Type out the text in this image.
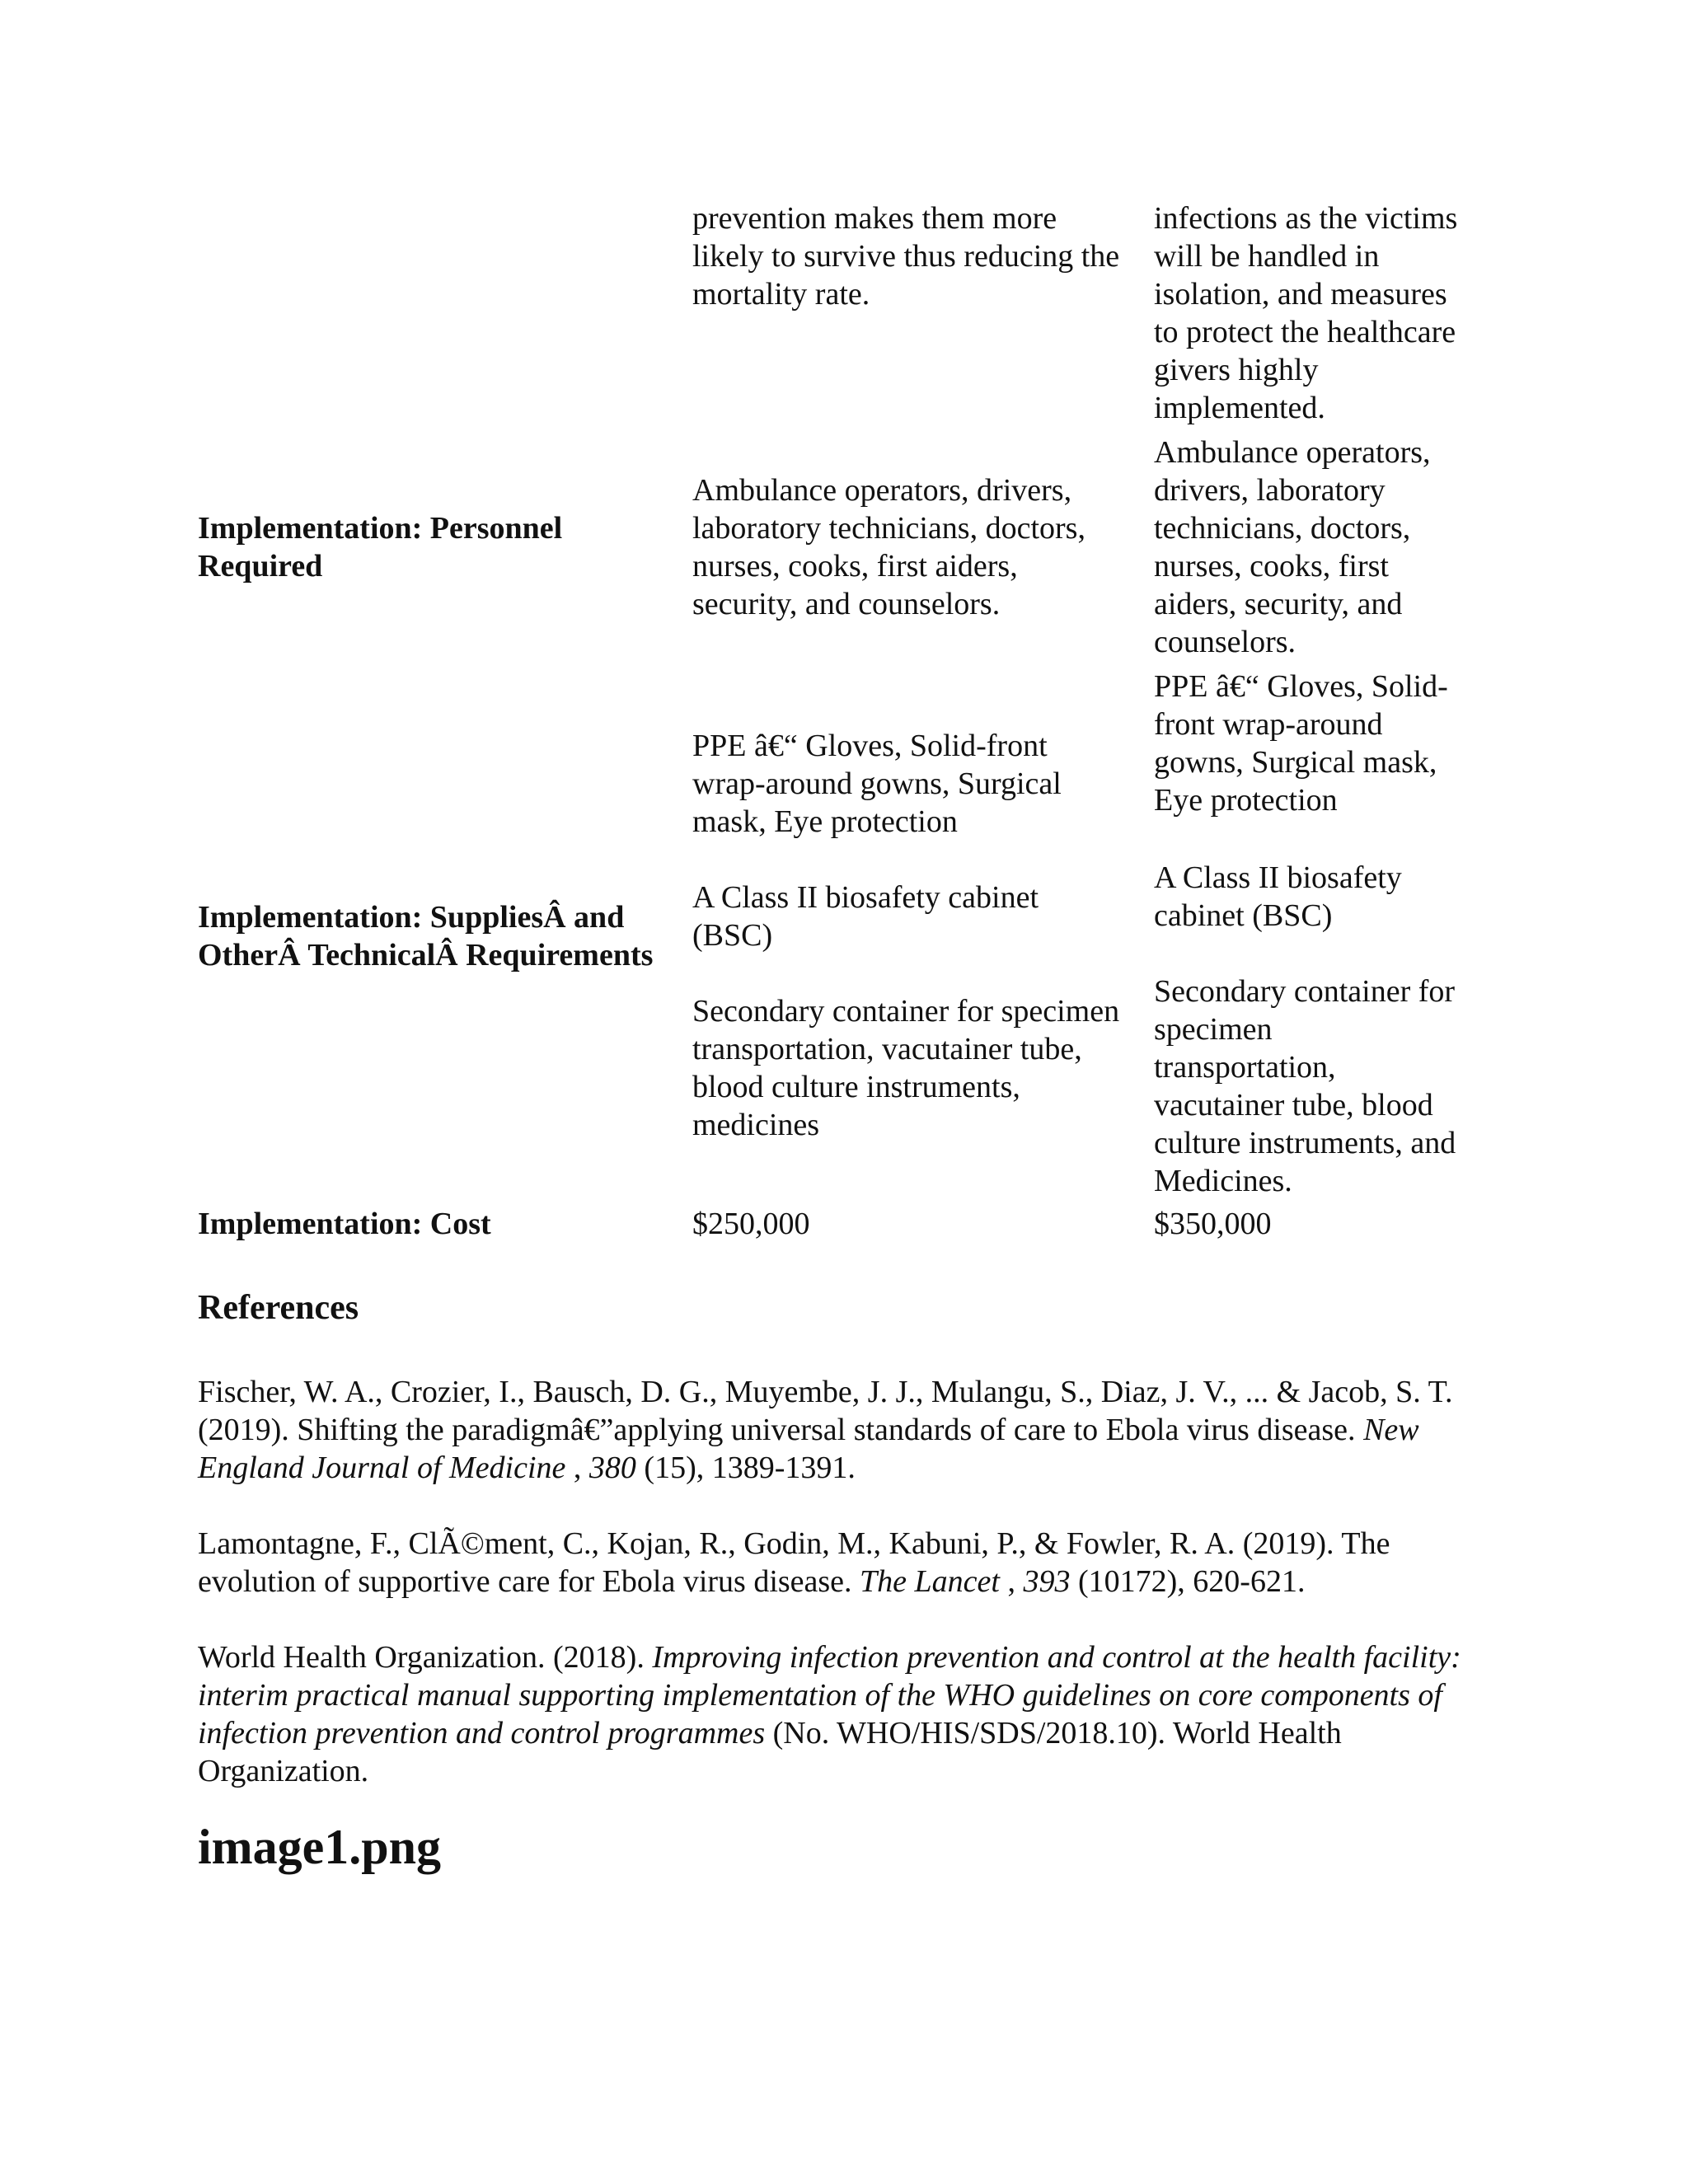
prevention makes them more
likely to survive thus reducing the
mortality rate.
infections as the victims
will be handled in
isolation, and measures
to protect the healthcare
givers highly
implemented.
Implementation: Personnel
Required
Ambulance operators, drivers,
laboratory technicians, doctors,
nurses, cooks, first aiders,
security, and counselors.
Ambulance operators,
drivers, laboratory
technicians, doctors,
nurses, cooks, first
aiders, security, and
counselors.
Implementation: SuppliesÂ and
OtherÂ TechnicalÂ Requirements
PPE â€“ Gloves, Solid-front
wrap-around gowns, Surgical
mask, Eye protection
A Class II biosafety cabinet
(BSC)
Secondary container for specimen
transportation, vacutainer tube,
blood culture instruments,
medicines
PPE â€“ Gloves, Solid-
front wrap-around
gowns, Surgical mask,
Eye protection
A Class II biosafety
cabinet (BSC)
Secondary container for
specimen
transportation,
vacutainer tube, blood
culture instruments, and
Medicines.
Implementation: Cost	$250,000	$350,000
References
Fischer, W. A., Crozier, I., Bausch, D. G., Muyembe, J. J., Mulangu, S., Diaz, J. V., ... & Jacob, S. T. (2019). Shifting the paradigmâ€”applying universal standards of care to Ebola virus disease. New England Journal of Medicine , 380 (15), 1389-1391.
Lamontagne, F., ClÃ©ment, C., Kojan, R., Godin, M., Kabuni, P., & Fowler, R. A. (2019). The evolution of supportive care for Ebola virus disease. The Lancet , 393 (10172), 620-621.
World Health Organization. (2018). Improving infection prevention and control at the health facility: interim practical manual supporting implementation of the WHO guidelines on core components of infection prevention and control programmes (No. WHO/HIS/SDS/2018.10). World Health Organization.
image1.png
